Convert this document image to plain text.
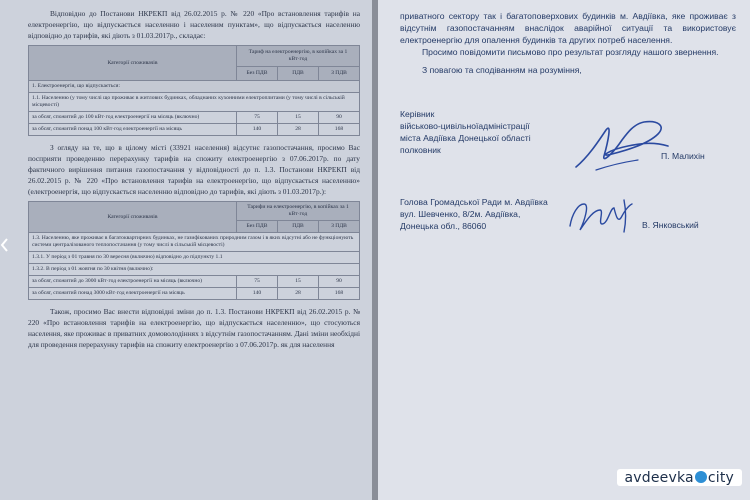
Відповідно до Постанови НКРЕКП від 26.02.2015 р. № 220 «Про встановлення тарифів на електроенергію, що відпускається населенню і населеним пунктам», що відпускається населенню відповідно до тарифів, які діють з 01.03.2017р., складає:

Категорії споживачів	Тариф на електроенергію, в копійках за 1 кВт·год		
	Без ПДВ	ПДВ	З ПДВ
1. Електроенергія, що відпускається:			
1.1. Населенню (у тому числі що проживає в житлових будинках, обладнаних кухонними електроплитами (у тому числі в сільській місцевості)			
за обсяг, спожитий до 100 кВт·год електроенергії на місяць (включно)	75	15	90
за обсяг, спожитий понад 100 кВт·год електроенергії на місяць	140	28	168

З огляду на те, що в цілому місті (33921 населення) відсутнє газопостачання, просимо Вас посприяти проведенню перерахунку тарифів на спожиту електроенергію з 07.06.2017р. по дату фактичного вирішення питання газопостачання у відповідності до п. 1.3. Постанови НКРЕКП від 26.02.2015 р. № 220 «Про встановлення тарифів на електроенергію, що відпускається населенню» (електроенергія, що відпускається населенню відповідно до тарифів, які діють з 01.03.2017р.):

Категорії споживачів	Тарифи на електроенергію, в копійках за 1 кВт·год		
	Без ПДВ	ПДВ	З ПДВ
1.3. Населенню, яке проживає в багатоквартирних будинках, не газифікованих природним газом і в яких відсутні або не функціонують системи централізованого теплопостачання (у тому числі в сільській місцевості)			
1.3.1. У період з 01 травня по 30 вересня (включно) відповідно до підпункту 1.1			
1.3.2. В період з 01 жовтня по 30 квітня (включно):			
за обсяг, спожитий до 3000 кВт·год електроенергії на місяць (включно)	75	15	90
за обсяг, спожитий понад 3000 кВт·год електроенергії на місяць	140	28	168

Також, просимо Вас внести відповідні зміни до п. 1.3. Постанови НКРЕКП від 26.02.2015 р. № 220 «Про встановлення тарифів на електроенергію, що відпускається населенню», що стосуються населення, яке проживає в приватних домоволодіннях з відсутнім газопостачанням. Дані зміни необхідні для проведення перерахунку тарифів на спожиту електроенергію з 07.06.2017р. як для населення

приватного сектору так і багатоповерхових будинків м. Авдіївка, яке проживає з відсутнім газопостачанням внаслідок аварійної ситуації та використовує електроенергію для опалення будинків та других потреб населення.

Просимо повідомити письмово про результат розгляду нашого звернення.

З повагою та сподіванням на розуміння,

Керівник
військово-цивільноїадміністрації
міста Авдіївка Донецької області
полковник
П. Малихін
Голова Громадської Ради м. Авдіївка
вул. Шевченко, 8/2м. Авдіївка,
Донецька обл., 86060	В. Янковський
avdeevka city
